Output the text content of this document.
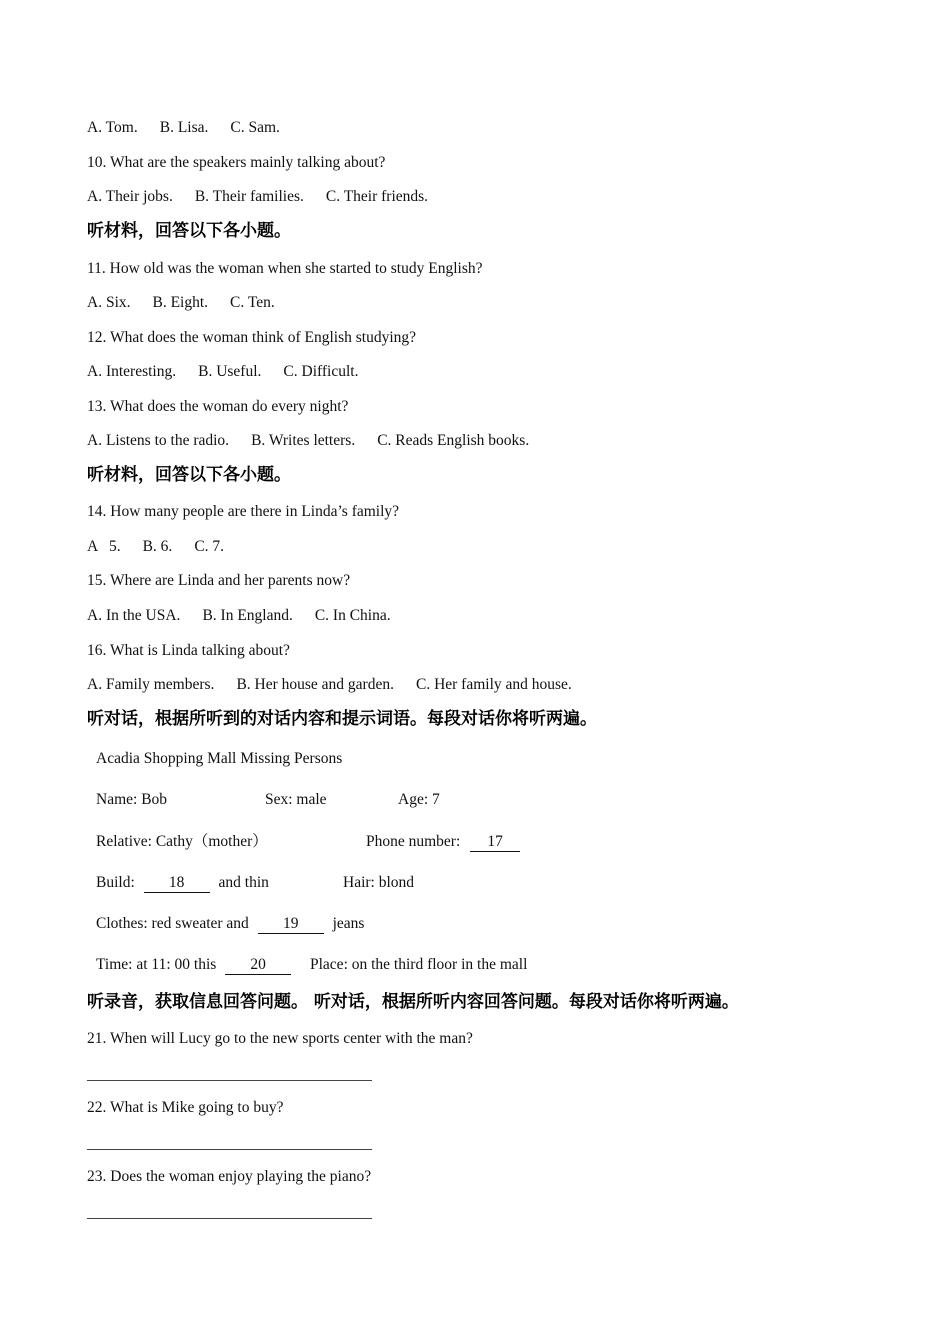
A. Tom. B. Lisa. C. Sam.
10. What are the speakers mainly talking about?
A. Their jobs. B. Their families. C. Their friends.
听材料，回答以下各小题。
11. How old was the woman when she started to study English?
A. Six. B. Eight. C. Ten.
12. What does the woman think of English studying?
A. Interesting. B. Useful. C. Difficult.
13. What does the woman do every night?
A. Listens to the radio. B. Writes letters. C. Reads English books.
听材料，回答以下各小题。
14. How many people are there in Linda’s family?
A   5. B. 6. C. 7.
15. Where are Linda and her parents now?
A. In the USA. B. In England. C. In China.
16. What is Linda talking about?
A. Family members. B. Her house and garden. C. Her family and house.
听对话，根据所听到的对话内容和提示词语。每段对话你将听两遍。
Acadia Shopping Mall Missing Persons
Name: Bob	Sex: male	Age: 7
Relative: Cathy（mother）	Phone number: 17
Build: 18 and thin	Hair: blond
Clothes: red sweater and 19 jeans
Time: at 11: 00 this 20	Place: on the third floor in the mall
听录音，获取信息回答问题。 听对话，根据所听内容回答问题。每段对话你将听两遍。
21. When will Lucy go to the new sports center with the man?
22. What is Mike going to buy?
23. Does the woman enjoy playing the piano?
